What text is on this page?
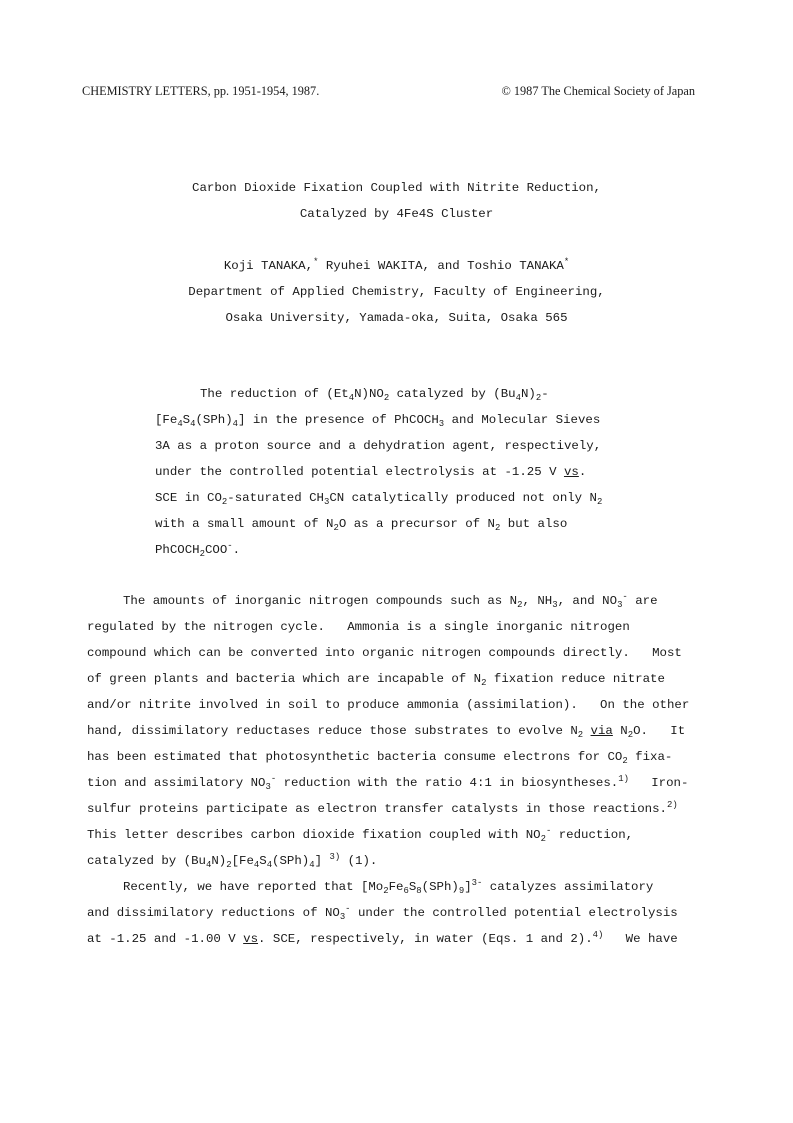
CHEMISTRY LETTERS, pp. 1951-1954, 1987.	© 1987 The Chemical Society of Japan
Carbon Dioxide Fixation Coupled with Nitrite Reduction,
Catalyzed by 4Fe4S Cluster
Koji TANAKA,* Ryuhei WAKITA, and Toshio TANAKA*
Department of Applied Chemistry, Faculty of Engineering,
Osaka University, Yamada-oka, Suita, Osaka 565
The reduction of $(Et_4N)NO_2$ catalyzed by $(Bu_4N)_2-$
$[Fe_4S_4(SPh)_4]$ in the presence of PhCOCH$_3$ and Molecular Sieves
3A as a proton source and a dehydration agent, respectively,
under the controlled potential electrolysis at -1.25 V vs.
SCE in $CO_2$-saturated $CH_3CN$ catalytically produced not only $N_2$
with a small amount of $N_2O$ as a precursor of $N_2$ but also
PhCOCH$_2$COO-.
The amounts of inorganic nitrogen compounds such as $N_2$, $NH_3$, and $NO_3^-$ are
regulated by the nitrogen cycle.   Ammonia is a single inorganic nitrogen
compound which can be converted into organic nitrogen compounds directly.   Most
of green plants and bacteria which are incapable of $N_2$ fixation reduce nitrate
and/or nitrite involved in soil to produce ammonia (assimilation).   On the other
hand, dissimilatory reductases reduce those substrates to evolve $N_2$ via $N_2O$.   It
has been estimated that photosynthetic bacteria consume electrons for $CO_2$ fixa-
tion and assimilatory $NO_3^-$ reduction with the ratio 4:1 in biosyntheses.$^{1)}$   Iron-
sulfur proteins participate as electron transfer catalysts in those reactions.$^{2)}$
This letter describes carbon dioxide fixation coupled with $NO_2^-$ reduction,
catalyzed by $(Bu_4N)_2[Fe_4S_4(SPh)_4]$ $^{3)}$ (1).
Recently, we have reported that $[Mo_2Fe_6S_8(SPh)_9]^{3-}$ catalyzes assimilatory
and dissimilatory reductions of $NO_3^-$ under the controlled potential electrolysis
at -1.25 and -1.00 V vs. SCE, respectively, in water (Eqs. 1 and 2).$^{4)}$   We have
